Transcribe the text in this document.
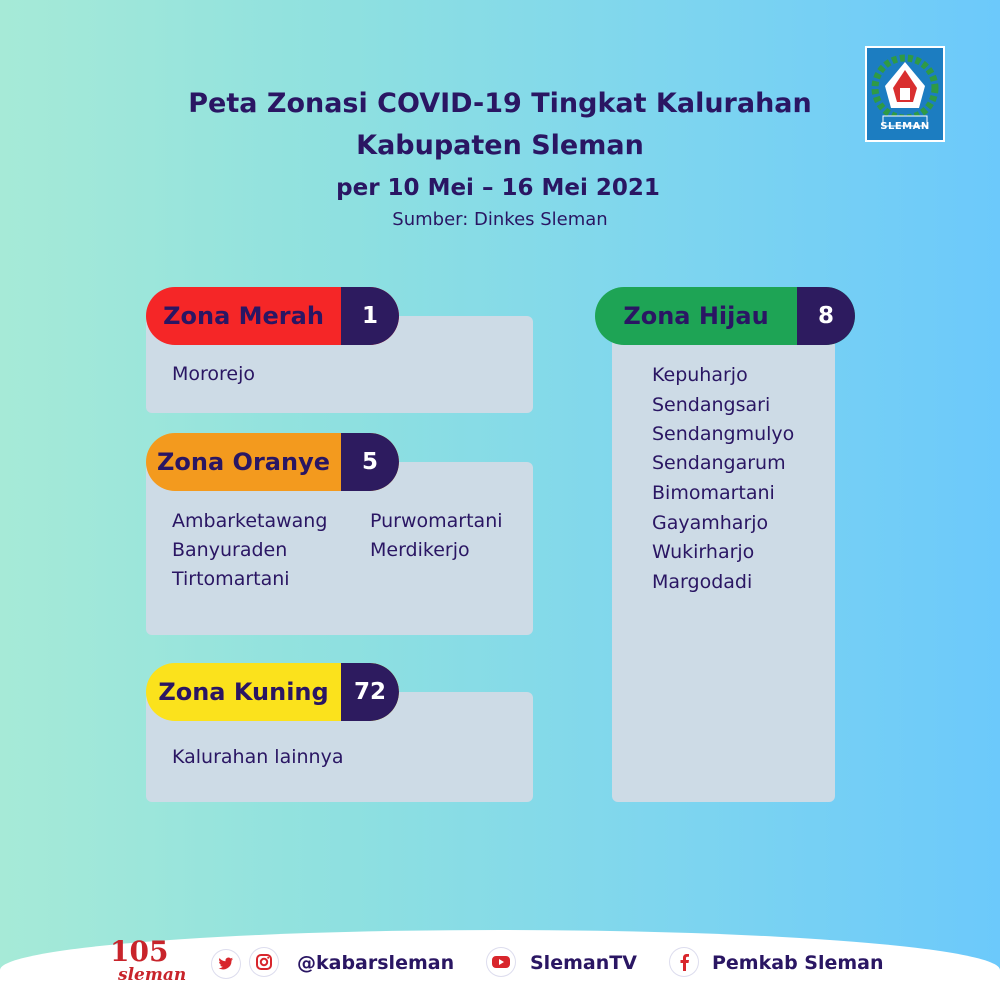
Peta Zonasi COVID-19 Tingkat Kalurahan
Kabupaten Sleman
per 10 Mei – 16 Mei 2021
Sumber: Dinkes Sleman
SLEMAN
Zona Merah	1
Mororejo
Zona Oranye	5
Ambarketawang
Banyuraden
Tirtomartani
Purwomartani
Merdikerjo
Zona Kuning	72
Kalurahan lainnya
Zona Hijau	8
Kepuharjo
Sendangsari
Sendangmulyo
Sendangarum
Bimomartani
Gayamharjo
Wukirharjo
Margodadi
105
sleman
@kabarsleman	SlemanTV	Pemkab Sleman
